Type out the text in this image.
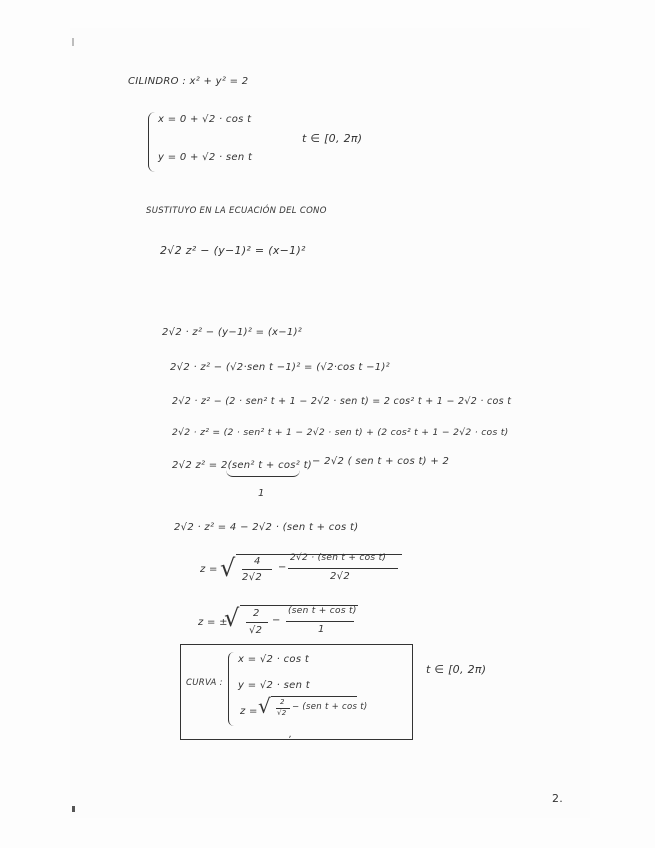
CILINDRO : x² + y² = 2
x = 0 + √2 · cos t
y = 0 + √2 · sen t
t ∈ [0, 2π)
SUSTITUYO EN LA ECUACIÓN DEL CONO
2√2 z² − (y−1)² = (x−1)²
2√2 · z² − (y−1)² = (x−1)²
2√2 · z² − (√2·sen t −1)² = (√2·cos t −1)²
2√2 · z² − (2 · sen² t + 1 − 2√2 · sen t) = 2 cos² t + 1 − 2√2 · cos t
2√2 · z² = (2 · sen² t + 1 − 2√2 · sen t) + (2 cos² t + 1 − 2√2 · cos t)
2√2 z² = 2(sen² t + cos² t) − 2√2 ( sen t + cos t) + 2
1
2√2 · z² = 4 − 2√2 · (sen t + cos t)
z = √ 4
2√2
−
2√2 · (sen t + cos t)
2√2
z = ±
√ 2
√2
−
(sen t + cos t)
1
CURVA :
x = √2 · cos t
y = √2 · sen t
z = √ 2
√2
− (sen t + cos t)
,
t ∈ [0, 2π)
2.
